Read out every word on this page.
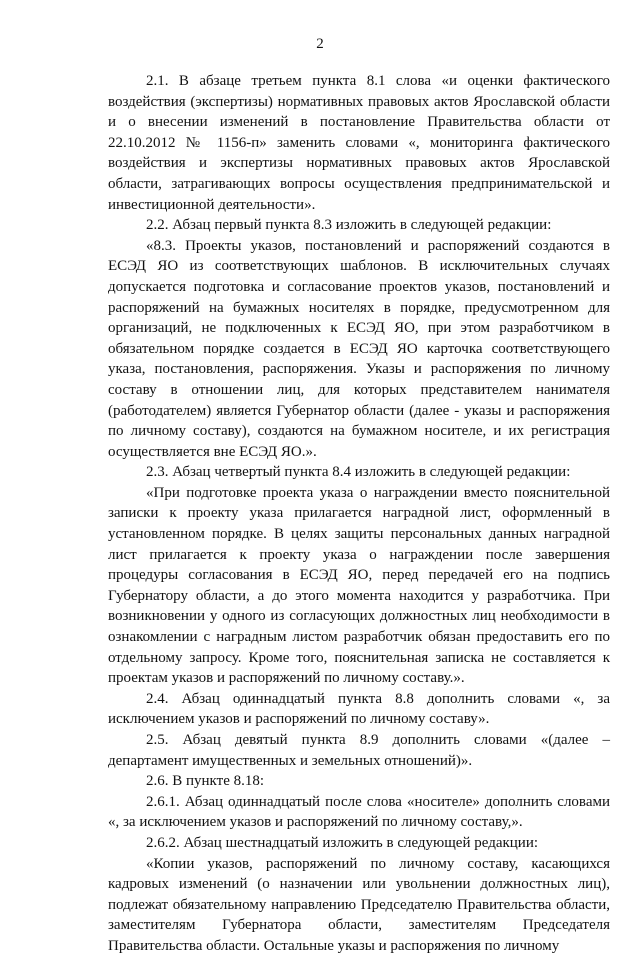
2

2.1. В абзаце третьем пункта 8.1 слова «и оценки фактического воздействия (экспертизы) нормативных правовых актов Ярославской области и о внесении изменений в постановление Правительства области от 22.10.2012 № 1156-п» заменить словами «, мониторинга фактического воздействия и экспертизы нормативных правовых актов Ярославской области, затрагивающих вопросы осуществления предпринимательской и инвестиционной деятельности».

2.2. Абзац первый пункта 8.3 изложить в следующей редакции:

«8.3. Проекты указов, постановлений и распоряжений создаются в ЕСЭД ЯО из соответствующих шаблонов. В исключительных случаях допускается подготовка и согласование проектов указов, постановлений и распоряжений на бумажных носителях в порядке, предусмотренном для организаций, не подключенных к ЕСЭД ЯО, при этом разработчиком в обязательном порядке создается в ЕСЭД ЯО карточка соответствующего указа, постановления, распоряжения. Указы и распоряжения по личному составу в отношении лиц, для которых представителем нанимателя (работодателем) является Губернатор области (далее - указы и распоряжения по личному составу), создаются на бумажном носителе, и их регистрация осуществляется вне ЕСЭД ЯО.».

2.3. Абзац четвертый пункта 8.4 изложить в следующей редакции:

«При подготовке проекта указа о награждении вместо пояснительной записки к проекту указа прилагается наградной лист, оформленный в установленном порядке. В целях защиты персональных данных наградной лист прилагается к проекту указа о награждении после завершения процедуры согласования в ЕСЭД ЯО, перед передачей его на подпись Губернатору области, а до этого момента находится у разработчика. При возникновении у одного из согласующих должностных лиц необходимости в ознакомлении с наградным листом разработчик обязан предоставить его по отдельному запросу. Кроме того, пояснительная записка не составляется к проектам указов и распоряжений по личному составу.».

2.4. Абзац одиннадцатый пункта 8.8 дополнить словами «, за исключением указов и распоряжений по личному составу».

2.5. Абзац девятый пункта 8.9 дополнить словами «(далее – департамент имущественных и земельных отношений)».

2.6. В пункте 8.18:

2.6.1. Абзац одиннадцатый после слова «носителе» дополнить словами «, за исключением указов и распоряжений по личному составу,».

2.6.2. Абзац шестнадцатый изложить в следующей редакции:

«Копии указов, распоряжений по личному составу, касающихся кадровых изменений (о назначении или увольнении должностных лиц), подлежат обязательному направлению Председателю Правительства области, заместителям Губернатора области, заместителям Председателя Правительства области. Остальные указы и распоряжения по личному
